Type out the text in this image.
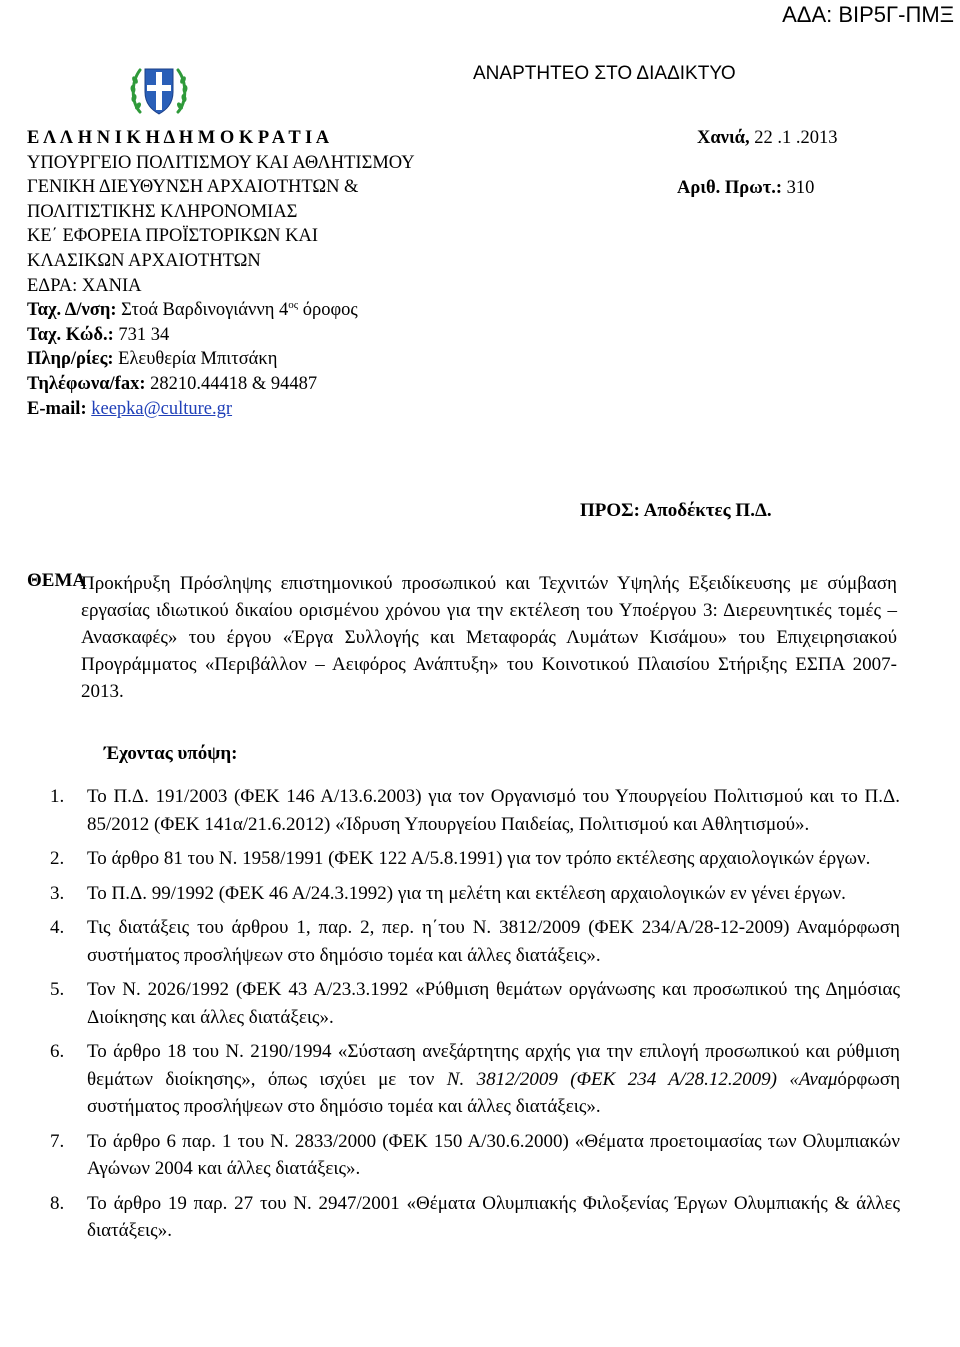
ΑΔΑ: ΒΙΡ5Γ-ΠΜΞ
ΑΝΑΡΤΗΤΕΟ ΣΤΟ ΔΙΑΔΙΚΤΥΟ
Ε Λ Λ Η Ν Ι Κ Η Δ Η Μ Ο Κ Ρ Α Τ Ι Α
ΥΠΟΥΡΓΕΙΟ ΠΟΛΙΤΙΣΜΟΥ ΚΑΙ ΑΘΛΗΤΙΣΜΟΥ
ΓΕΝΙΚΗ ΔΙΕΥΘΥΝΣΗ ΑΡΧΑΙΟΤΗΤΩΝ &
ΠΟΛΙΤΙΣΤΙΚΗΣ ΚΛΗΡΟΝΟΜΙΑΣ
ΚΕ΄ ΕΦΟΡΕΙΑ ΠΡΟΪΣΤΟΡΙΚΩΝ ΚΑΙ
ΚΛΑΣΙΚΩΝ ΑΡΧΑΙΟΤΗΤΩΝ
ΕΔΡΑ: ΧΑΝΙΑ
Ταχ. Δ/νση: Στοά Βαρδινογιάννη $4^{o\varsigma}$ όροφος
Ταχ. Κώδ.: 731 34
Πληρ/ρίες: Ελευθερία Μπιτσάκη
Τηλέφωνα/fax: 28210.44418 & 94487
E-mail: keepka@culture.gr
Χανιά, 22 .1 .2013
Αριθ. Πρωτ.: 310
ΠΡΟΣ: Αποδέκτες Π.Δ.
ΘΕΜΑ
Προκήρυξη Πρόσληψης επιστημονικού προσωπικού και Τεχνιτών Υψηλής Εξειδίκευσης με σύμβαση εργασίας ιδιωτικού δικαίου ορισμένου χρόνου για την εκτέλεση του Υποέργου 3: Διερευνητικές τομές – Ανασκαφές» του έργου «Έργα Συλλογής και Μεταφοράς Λυμάτων Κισάμου» του Επιχειρησιακού Προγράμματος «Περιβάλλον – Αειφόρος Ανάπτυξη» του Κοινοτικού Πλαισίου Στήριξης ΕΣΠΑ 2007-2013.
Έχοντας υπόψη:
1. Το Π.Δ. 191/2003 (ΦΕΚ 146 Α/13.6.2003) για τον Οργανισμό του Υπουργείου Πολιτισμού και το Π.Δ. 85/2012 (ΦΕΚ 141α/21.6.2012) «Ίδρυση Υπουργείου Παιδείας, Πολιτισμού και Αθλητισμού».
2. Το άρθρο 81 του Ν. 1958/1991 (ΦΕΚ 122 Α/5.8.1991) για τον τρόπο εκτέλεσης αρχαιολογικών έργων.
3. Το Π.Δ. 99/1992 (ΦΕΚ 46 Α/24.3.1992) για τη μελέτη και εκτέλεση αρχαιολογικών εν γένει έργων.
4. Τις διατάξεις του άρθρου 1, παρ. 2, περ. η΄του Ν. 3812/2009 (ΦΕΚ 234/Α/28-12-2009) Αναμόρφωση συστήματος προσλήψεων στο δημόσιο τομέα και άλλες διατάξεις».
5. Τον Ν. 2026/1992 (ΦΕΚ 43 Α/23.3.1992 «Ρύθμιση θεμάτων οργάνωσης και προσωπικού της Δημόσιας Διοίκησης και άλλες διατάξεις».
6. Το άρθρο 18 του Ν. 2190/1994 «Σύσταση ανεξάρτητης αρχής για την επιλογή προσωπικού και ρύθμιση θεμάτων διοίκησης», όπως ισχύει με τον Ν. 3812/2009 (ΦΕΚ 234 Α/28.12.2009) «Αναμόρφωση συστήματος προσλήψεων στο δημόσιο τομέα και άλλες διατάξεις».
7. Το άρθρο 6 παρ. 1 του Ν. 2833/2000 (ΦΕΚ 150 Α/30.6.2000) «Θέματα προετοιμασίας των Ολυμπιακών Αγώνων 2004 και άλλες διατάξεις».
8. Το άρθρο 19 παρ. 27 του Ν. 2947/2001 «Θέματα Ολυμπιακής Φιλοξενίας Έργων Ολυμπιακής & άλλες διατάξεις».
